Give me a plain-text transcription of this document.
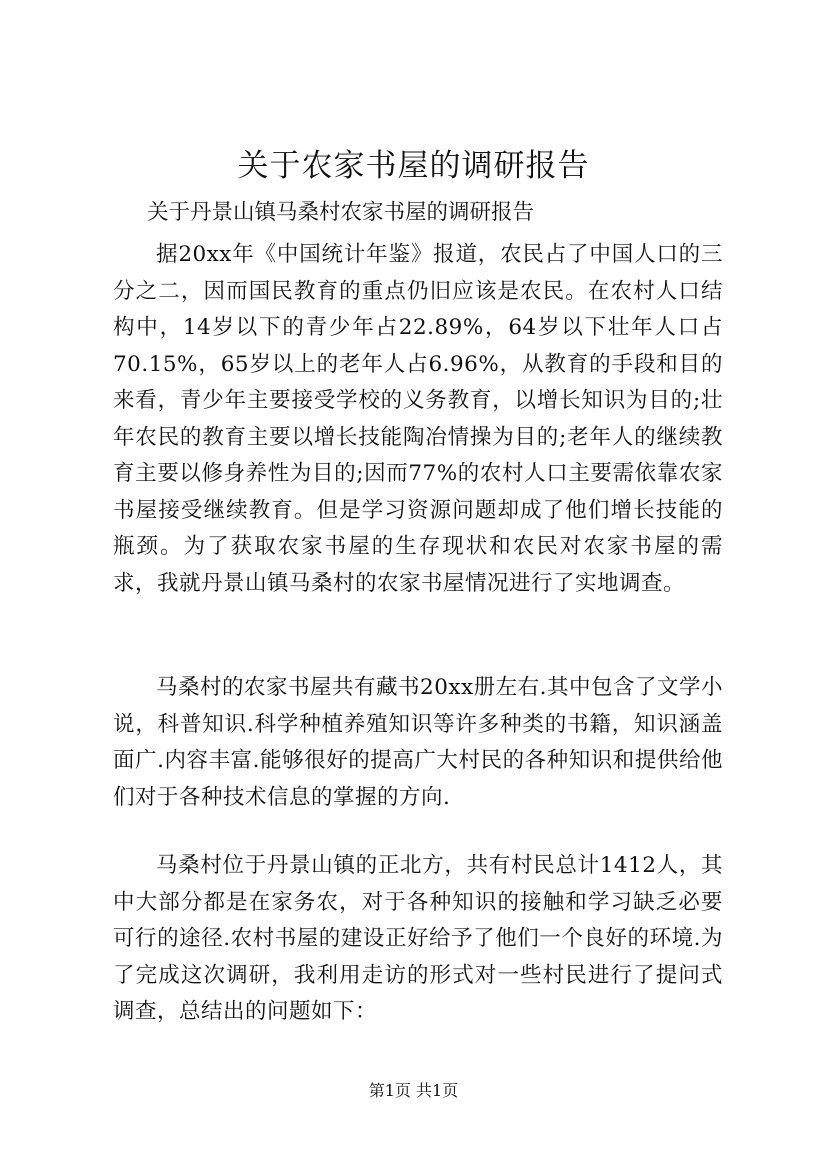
关于农家书屋的调研报告
关于丹景山镇马桑村农家书屋的调研报告

据20xx年《中国统计年鉴》报道，农民占了中国人口的三分之二，因而国民教育的重点仍旧应该是农民。在农村人口结构中，14岁以下的青少年占22.89%，64岁以下壮年人口占70.15%，65岁以上的老年人占6.96%，从教育的手段和目的来看，青少年主要接受学校的义务教育，以增长知识为目的;壮年农民的教育主要以增长技能陶冶情操为目的;老年人的继续教育主要以修身养性为目的;因而77%的农村人口主要需依靠农家书屋接受继续教育。但是学习资源问题却成了他们增长技能的瓶颈。为了获取农家书屋的生存现状和农民对农家书屋的需求，我就丹景山镇马桑村的农家书屋情况进行了实地调查。

马桑村的农家书屋共有藏书20xx册左右.其中包含了文学小说，科普知识.科学种植养殖知识等许多种类的书籍，知识涵盖面广.内容丰富.能够很好的提高广大村民的各种知识和提供给他们对于各种技术信息的掌握的方向.

马桑村位于丹景山镇的正北方，共有村民总计1412人，其中大部分都是在家务农，对于各种知识的接触和学习缺乏必要可行的途径.农村书屋的建设正好给予了他们一个良好的环境.为了完成这次调研，我利用走访的形式对一些村民进行了提问式调查，总结出的问题如下：

第1页 共1页
